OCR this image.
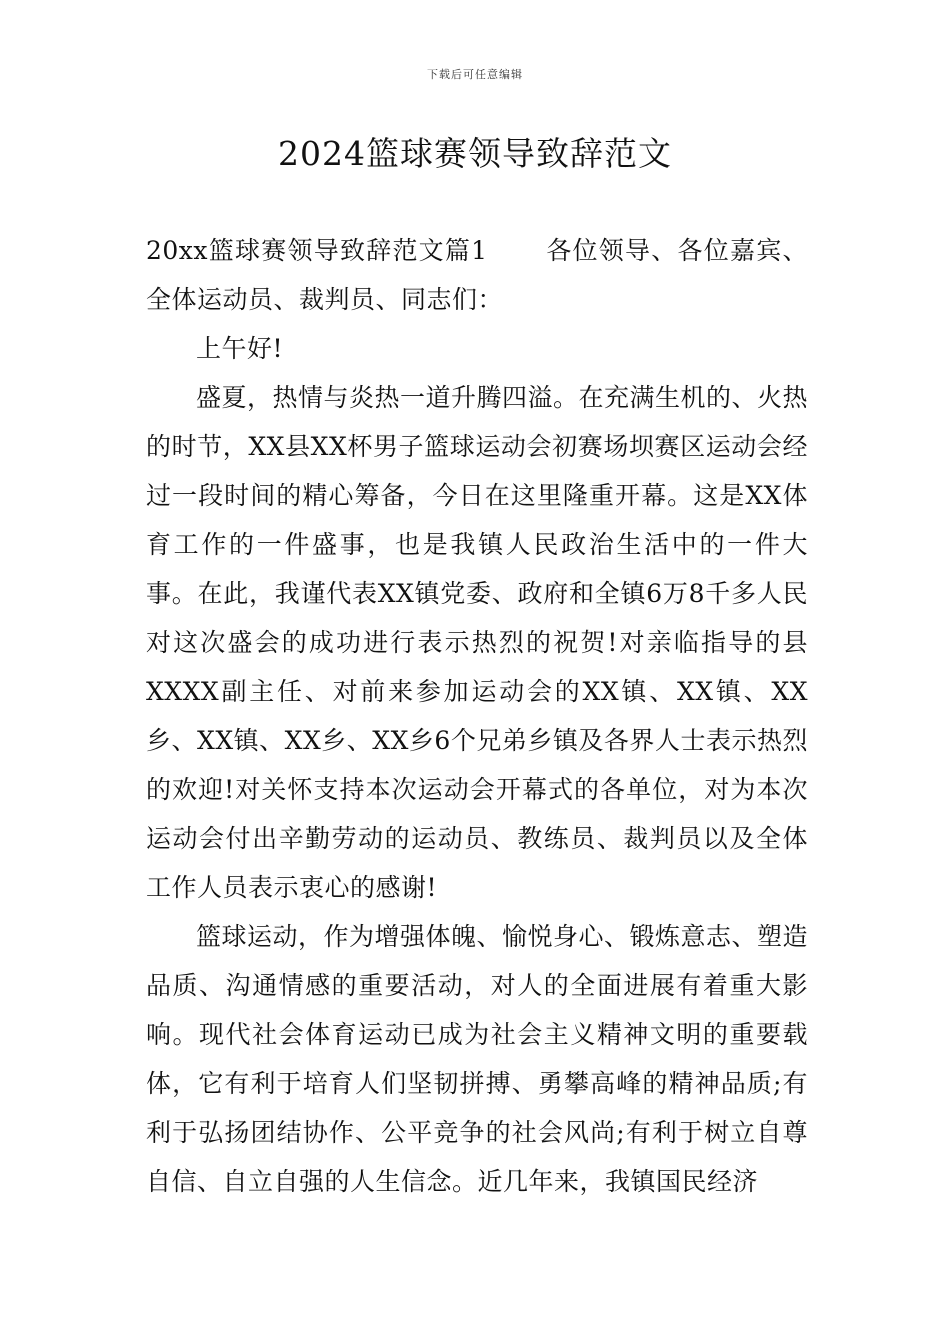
下载后可任意编辑
2024篮球赛领导致辞范文

20xx篮球赛领导致辞范文篇1 各位领导、各位嘉宾、全体运动员、裁判员、同志们：

上午好!

盛夏，热情与炎热一道升腾四溢。在充满生机的、火热的时节，XX县XX杯男子篮球运动会初赛场坝赛区运动会经过一段时间的精心筹备，今日在这里隆重开幕。这是XX体育工作的一件盛事，也是我镇人民政治生活中的一件大事。在此，我谨代表XX镇党委、政府和全镇6万8千多人民对这次盛会的成功进行表示热烈的祝贺!对亲临指导的县XXXX副主任、对前来参加运动会的XX镇、XX镇、XX乡、XX镇、XX乡、XX乡6个兄弟乡镇及各界人士表示热烈的欢迎!对关怀支持本次运动会开幕式的各单位，对为本次运动会付出辛勤劳动的运动员、教练员、裁判员以及全体工作人员表示衷心的感谢!

篮球运动，作为增强体魄、愉悦身心、锻炼意志、塑造品质、沟通情感的重要活动，对人的全面进展有着重大影响。现代社会体育运动已成为社会主义精神文明的重要载体，它有利于培育人们坚韧拼搏、勇攀高峰的精神品质;有利于弘扬团结协作、公平竞争的社会风尚;有利于树立自尊自信、自立自强的人生信念。近几年来，我镇国民经济
